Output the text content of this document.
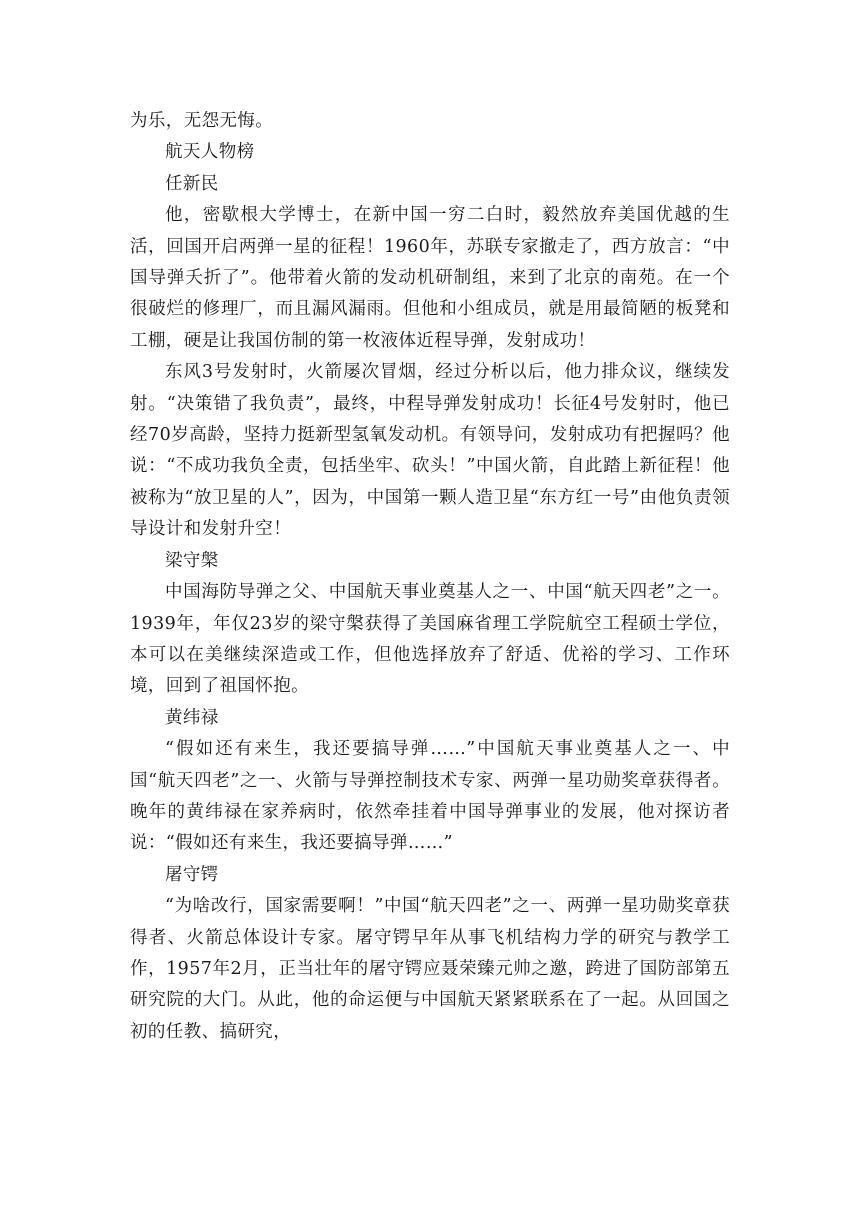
为乐，无怨无悔。

航天人物榜

任新民

他，密歇根大学博士，在新中国一穷二白时，毅然放弃美国优越的生活，回国开启两弹一星的征程！1960年，苏联专家撤走了，西方放言：“中国导弹夭折了”。他带着火箭的发动机研制组，来到了北京的南苑。在一个很破烂的修理厂，而且漏风漏雨。但他和小组成员，就是用最简陋的板凳和工棚，硬是让我国仿制的第一枚液体近程导弹，发射成功！

东风3号发射时，火箭屡次冒烟，经过分析以后，他力排众议，继续发射。“决策错了我负责”，最终，中程导弹发射成功！长征4号发射时，他已经70岁高龄，坚持力挺新型氢氧发动机。有领导问，发射成功有把握吗？他说：“不成功我负全责，包括坐牢、砍头！”中国火箭，自此踏上新征程！他被称为“放卫星的人”，因为，中国第一颗人造卫星“东方红一号”由他负责领导设计和发射升空！

梁守槃

中国海防导弹之父、中国航天事业奠基人之一、中国“航天四老”之一。1939年，年仅23岁的梁守槃获得了美国麻省理工学院航空工程硕士学位，本可以在美继续深造或工作，但他选择放弃了舒适、优裕的学习、工作环境，回到了祖国怀抱。

黄纬禄

“假如还有来生，我还要搞导弹……”中国航天事业奠基人之一、中国“航天四老”之一、火箭与导弹控制技术专家、两弹一星功勋奖章获得者。晚年的黄纬禄在家养病时，依然牵挂着中国导弹事业的发展，他对探访者说：“假如还有来生，我还要搞导弹……”

屠守锷

“为啥改行，国家需要啊！”中国“航天四老”之一、两弹一星功勋奖章获得者、火箭总体设计专家。屠守锷早年从事飞机结构力学的研究与教学工作，1957年2月，正当壮年的屠守锷应聂荣臻元帅之邀，跨进了国防部第五研究院的大门。从此，他的命运便与中国航天紧紧联系在了一起。从回国之初的任教、搞研究，
